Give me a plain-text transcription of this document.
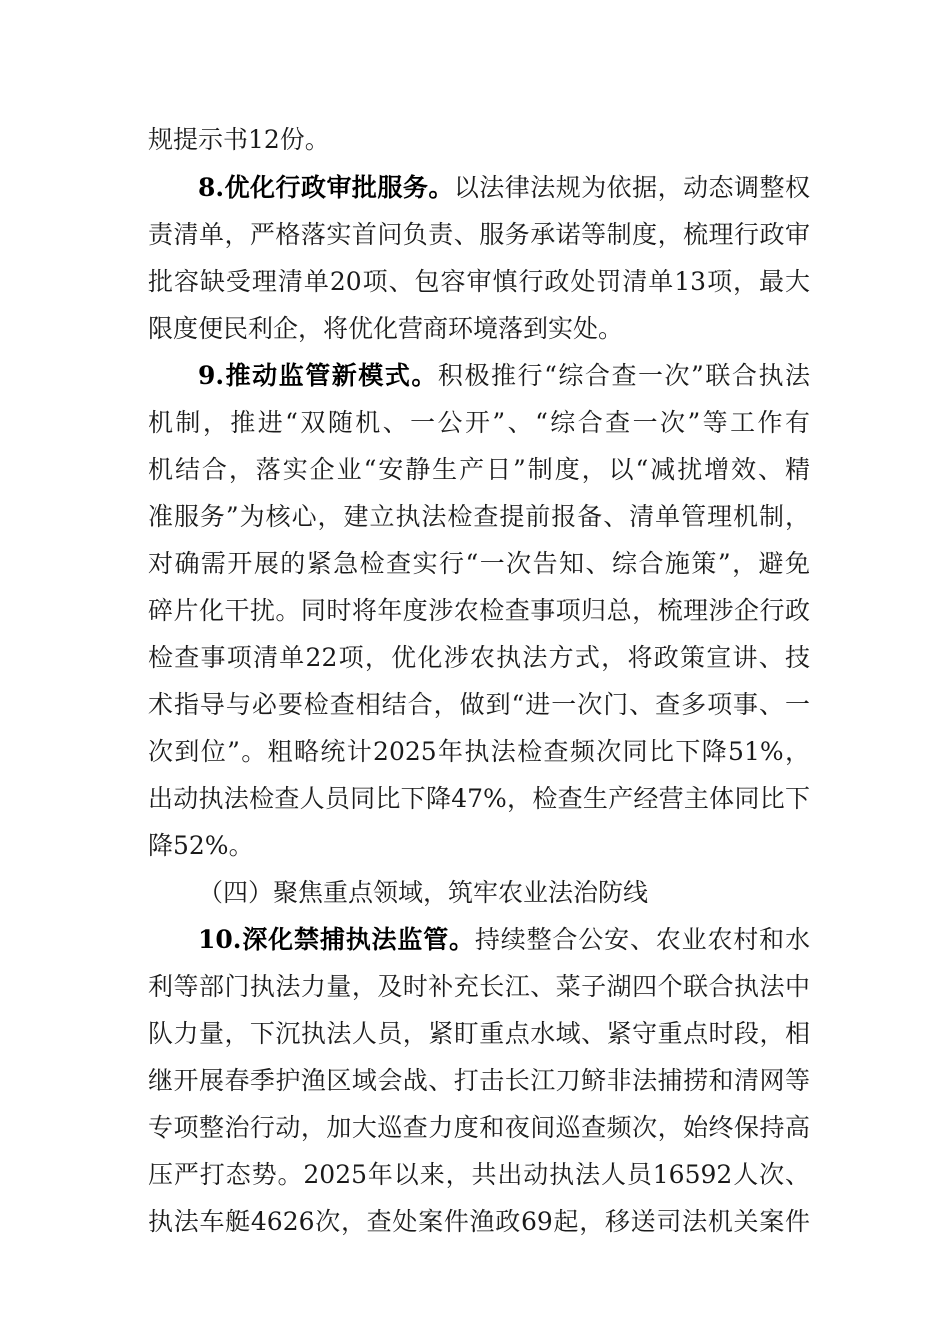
规提示书12份。
8.优化行政审批服务。以法律法规为依据，动态调整权
责清单，严格落实首问负责、服务承诺等制度，梳理行政审
批容缺受理清单20项、包容审慎行政处罚清单13项，最大
限度便民利企，将优化营商环境落到实处。
9.推动监管新模式。积极推行“综合查一次”联合执法
机制，推进“双随机、一公开”、“综合查一次”等工作有
机结合，落实企业“安静生产日”制度，以“减扰增效、精
准服务”为核心，建立执法检查提前报备、清单管理机制，
对确需开展的紧急检查实行“一次告知、综合施策”，避免
碎片化干扰。同时将年度涉农检查事项归总，梳理涉企行政
检查事项清单22项，优化涉农执法方式，将政策宣讲、技
术指导与必要检查相结合，做到“进一次门、查多项事、一
次到位”。粗略统计2025年执法检查频次同比下降51%，
出动执法检查人员同比下降47%，检查生产经营主体同比下
降52%。
（四）聚焦重点领域，筑牢农业法治防线
10.深化禁捕执法监管。持续整合公安、农业农村和水
利等部门执法力量，及时补充长江、菜子湖四个联合执法中
队力量，下沉执法人员，紧盯重点水域、紧守重点时段，相
继开展春季护渔区域会战、打击长江刀鲚非法捕捞和清网等
专项整治行动，加大巡查力度和夜间巡查频次，始终保持高
压严打态势。2025年以来，共出动执法人员16592人次、
执法车艇4626次，查处案件渔政69起，移送司法机关案件
